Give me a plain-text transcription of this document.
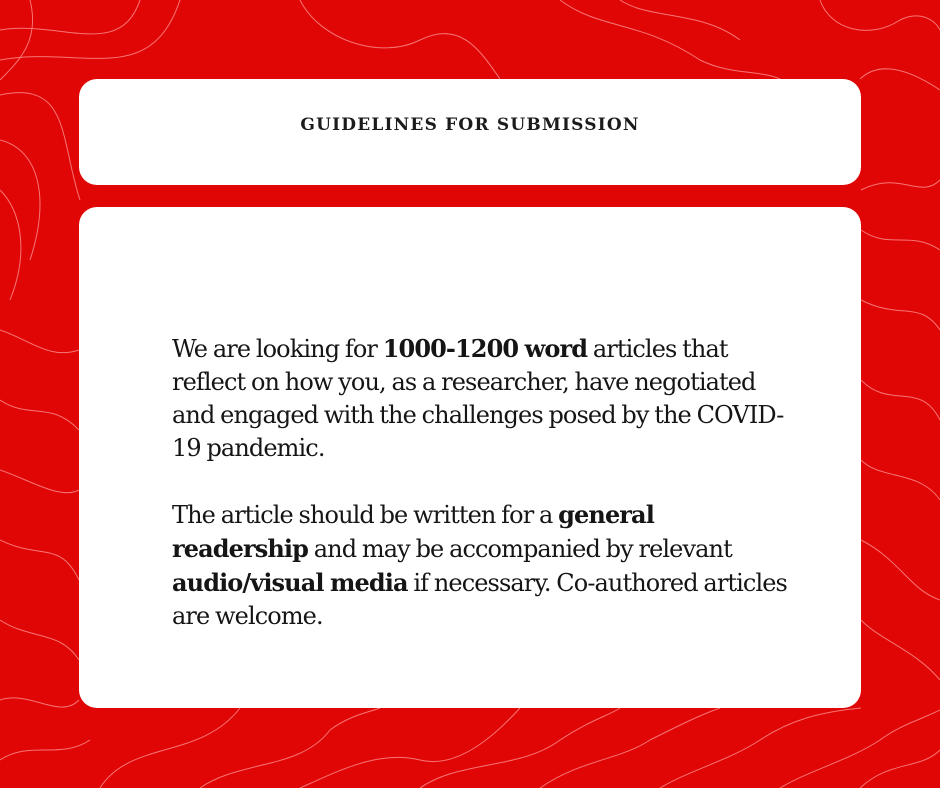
GUIDELINES FOR SUBMISSION

We are looking for 1000-1200 word articles that reflect on how you, as a researcher, have negotiated and engaged with the challenges posed by the COVID-19 pandemic.

The article should be written for a general readership and may be accompanied by relevant audio/visual media if necessary. Co-authored articles are welcome.
